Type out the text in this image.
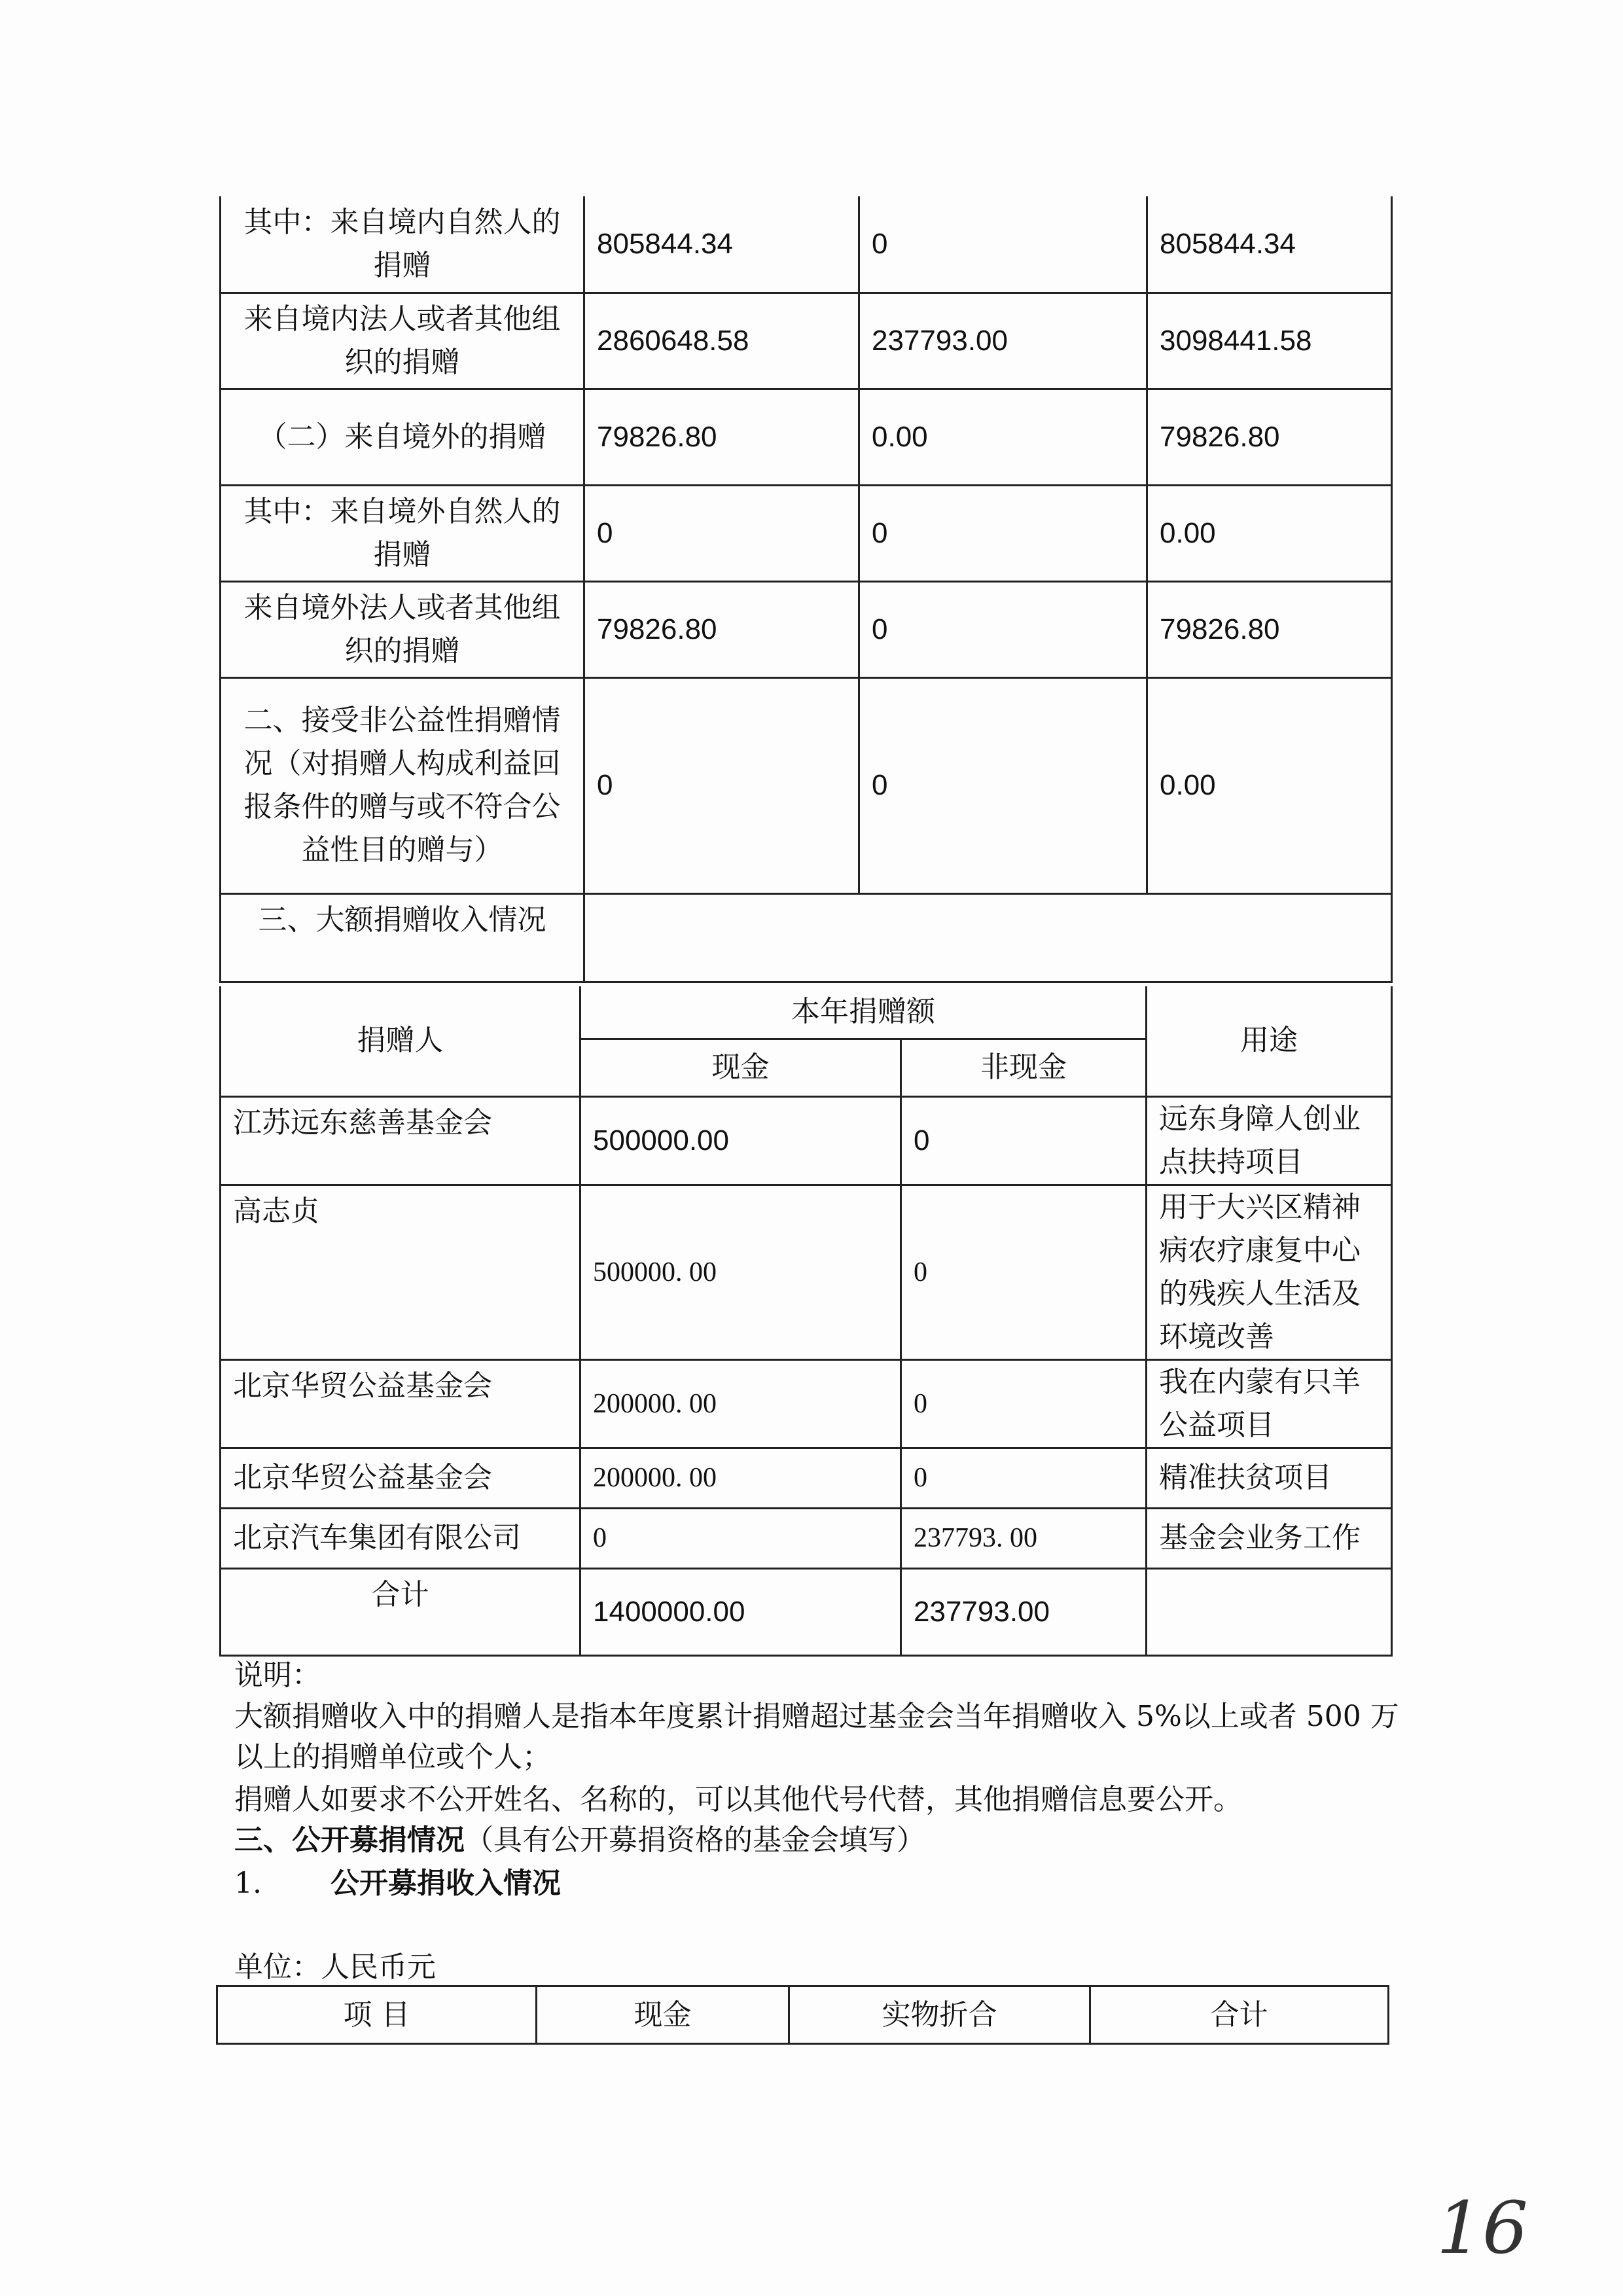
其中：来自境内自然人的捐赠	805844.34	0	805844.34
来自境内法人或者其他组织的捐赠	2860648.58	237793.00	3098441.58
（二）来自境外的捐赠	79826.80	0.00	79826.80
其中：来自境外自然人的捐赠	0	0	0.00
来自境外法人或者其他组织的捐赠	79826.80	0	79826.80
二、接受非公益性捐赠情况（对捐赠人构成利益回报条件的赠与或不符合公益性目的赠与）	0	0	0.00
三、大额捐赠收入情况			
捐赠人	本年捐赠额		用途
	现金	非现金	
江苏远东慈善基金会	500000.00	0	远东身障人创业点扶持项目
高志贞	500000. 00	0	用于大兴区精神病农疗康复中心的残疾人生活及环境改善
北京华贸公益基金会	200000. 00	0	我在内蒙有只羊公益项目
北京华贸公益基金会	200000. 00	0	精准扶贫项目
北京汽车集团有限公司	0	237793. 00	基金会业务工作
合计	1400000.00	237793.00	
说明：
大额捐赠收入中的捐赠人是指本年度累计捐赠超过基金会当年捐赠收入 5%以上或者 500 万
以上的捐赠单位或个人；
捐赠人如要求不公开姓名、名称的，可以其他代号代替，其他捐赠信息要公开。
三、公开募捐情况（具有公开募捐资格的基金会填写）
1. 公开募捐收入情况
单位：人民币元
项 目	现金	实物折合	合计
16
